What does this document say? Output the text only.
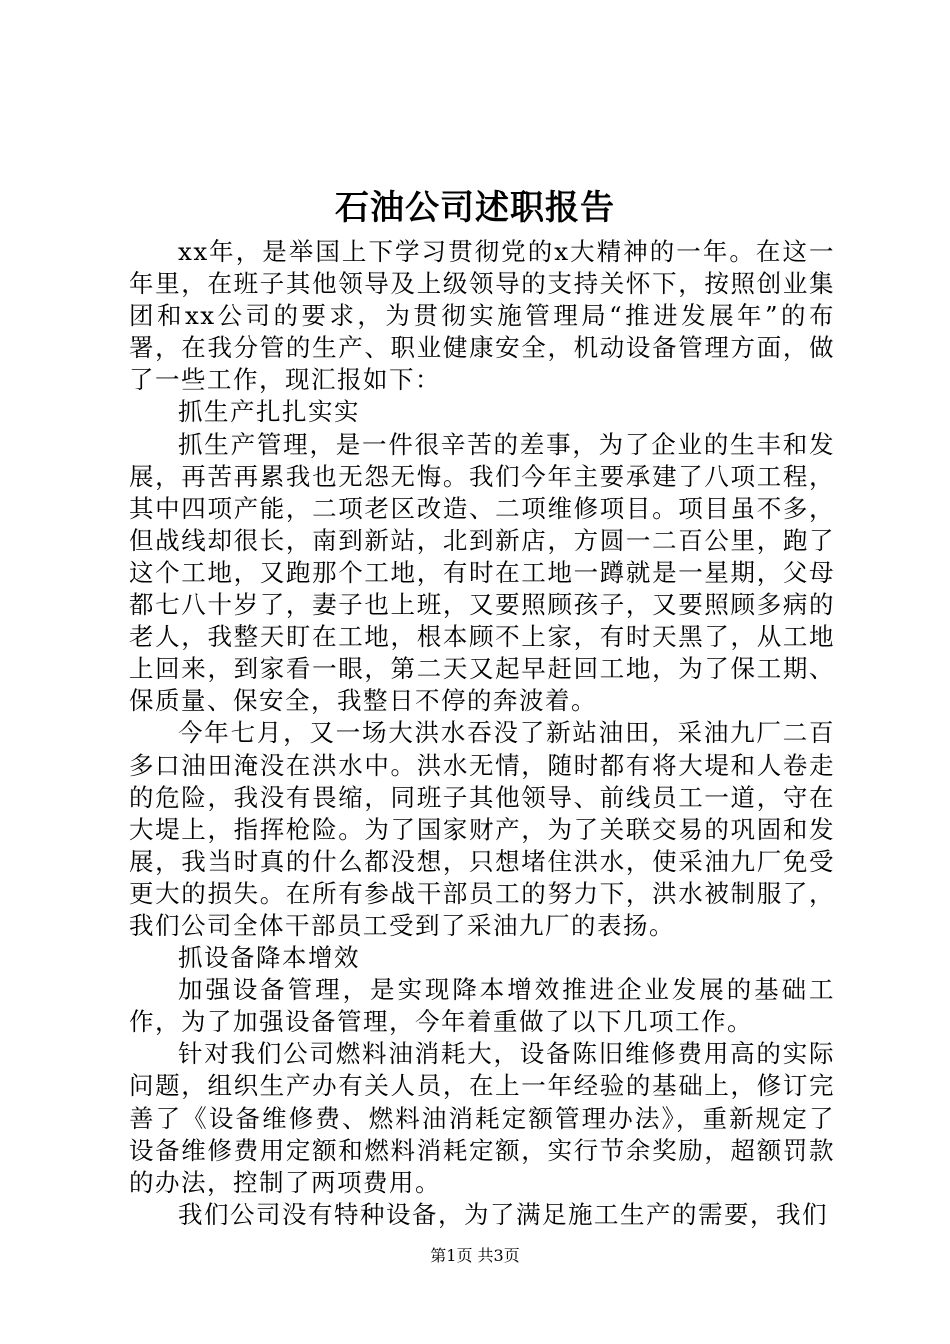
石油公司述职报告

xx年，是举国上下学习贯彻党的x大精神的一年。在这一年里，在班子其他领导及上级领导的支持关怀下，按照创业集团和xx公司的要求，为贯彻实施管理局“推进发展年”的布署，在我分管的生产、职业健康安全，机动设备管理方面，做了一些工作，现汇报如下：

抓生产扎扎实实

抓生产管理，是一件很辛苦的差事，为了企业的生丰和发展，再苦再累我也无怨无悔。我们今年主要承建了八项工程，其中四项产能，二项老区改造、二项维修项目。项目虽不多，但战线却很长，南到新站，北到新店，方圆一二百公里，跑了这个工地，又跑那个工地，有时在工地一蹲就是一星期，父母都七八十岁了，妻子也上班，又要照顾孩子，又要照顾多病的老人，我整天盯在工地，根本顾不上家，有时天黑了，从工地上回来，到家看一眼，第二天又起早赶回工地，为了保工期、保质量、保安全，我整日不停的奔波着。

今年七月，又一场大洪水吞没了新站油田，采油九厂二百多口油田淹没在洪水中。洪水无情，随时都有将大堤和人卷走的危险，我没有畏缩，同班子其他领导、前线员工一道，守在大堤上，指挥枪险。为了国家财产，为了关联交易的巩固和发展，我当时真的什么都没想，只想堵住洪水，使采油九厂免受更大的损失。在所有参战干部员工的努力下，洪水被制服了，我们公司全体干部员工受到了采油九厂的表扬。

抓设备降本增效

加强设备管理，是实现降本增效推进企业发展的基础工作，为了加强设备管理，今年着重做了以下几项工作。

针对我们公司燃料油消耗大，设备陈旧维修费用高的实际问题，组织生产办有关人员，在上一年经验的基础上，修订完善了《设备维修费、燃料油消耗定额管理办法》，重新规定了设备维修费用定额和燃料消耗定额，实行节余奖励，超额罚款的办法，控制了两项费用。

我们公司没有特种设备，为了满足施工生产的需要，我们

第1页 共3页
